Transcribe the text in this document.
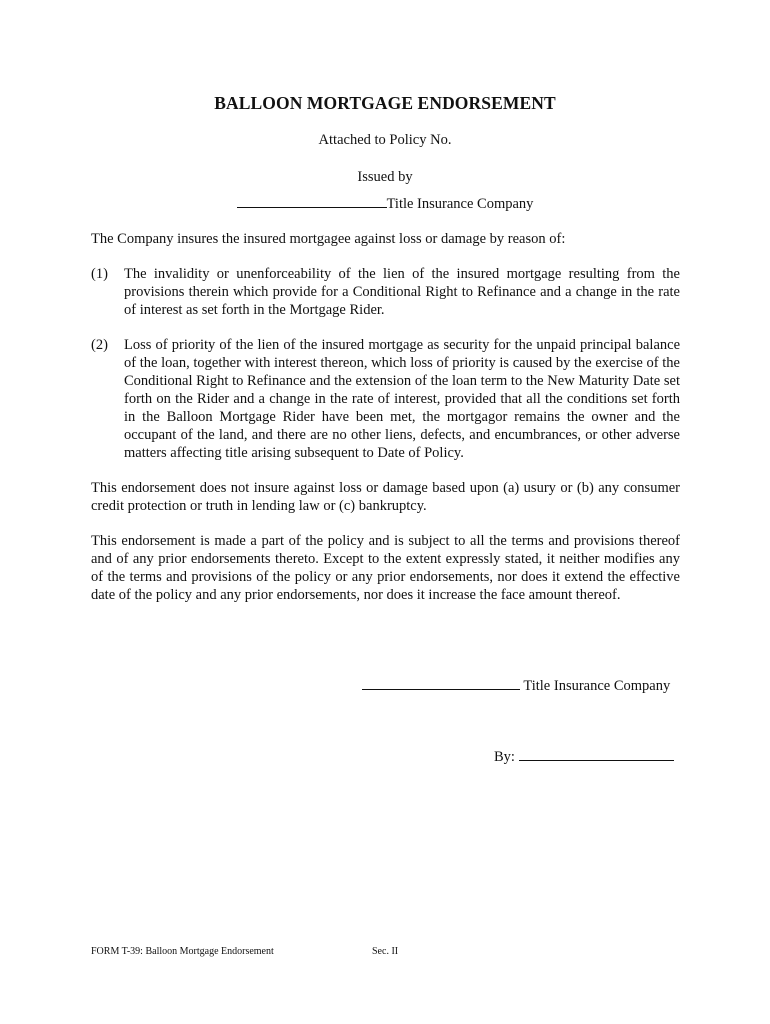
BALLOON MORTGAGE ENDORSEMENT
Attached to Policy No.
Issued by
Title Insurance Company
The Company insures the insured mortgagee against loss or damage by reason of:
(1)	The invalidity or unenforceability of the lien of the insured mortgage resulting from the provisions therein which provide for a Conditional Right to Refinance and a change in the rate of interest as set forth in the Mortgage Rider.
(2)	Loss of priority of the lien of the insured mortgage as security for the unpaid principal balance of the loan, together with interest thereon, which loss of priority is caused by the exercise of the Conditional Right to Refinance and the extension of the loan term to the New Maturity Date set forth on the Rider and a change in the rate of interest, provided that all the conditions set forth in the Balloon Mortgage Rider have been met, the mortgagor remains the owner and the occupant of the land, and there are no other liens, defects, and encumbrances, or other adverse matters affecting title arising subsequent to Date of Policy.
This endorsement does not insure against loss or damage based upon (a) usury or (b) any consumer credit protection or truth in lending law or (c) bankruptcy.
This endorsement is made a part of the policy and is subject to all the terms and provisions thereof and of any prior endorsements thereto. Except to the extent expressly stated, it neither modifies any of the terms and provisions of the policy or any prior endorsements, nor does it extend the effective date of the policy and any prior endorsements, nor does it increase the face amount thereof.
Title Insurance Company
By:
FORM T-39: Balloon Mortgage Endorsement	Sec. II
